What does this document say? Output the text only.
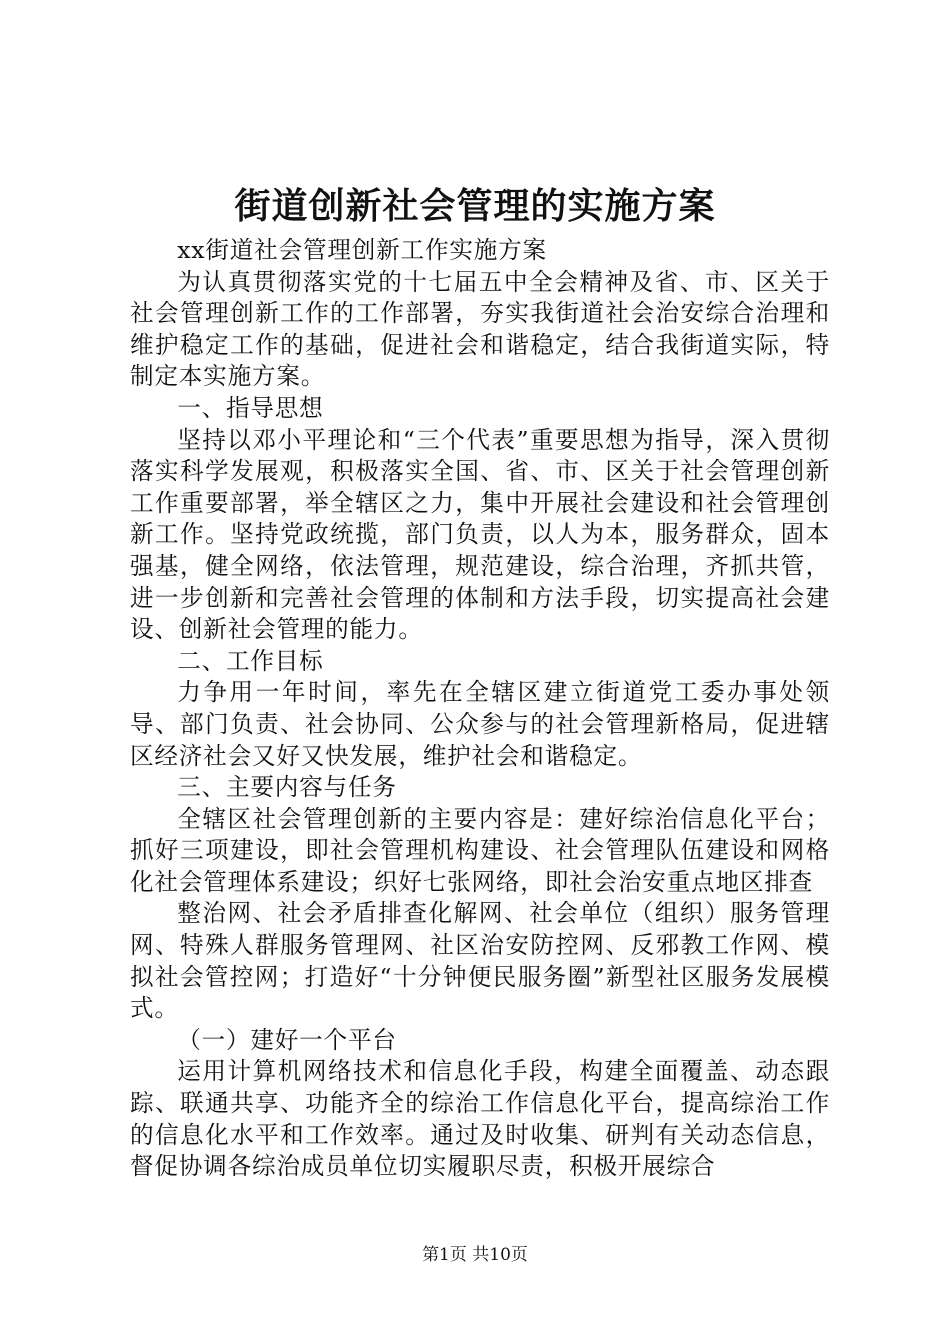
街道创新社会管理的实施方案

xx街道社会管理创新工作实施方案

为认真贯彻落实党的十七届五中全会精神及省、市、区关于社会管理创新工作的工作部署，夯实我街道社会治安综合治理和维护稳定工作的基础，促进社会和谐稳定，结合我街道实际，特制定本实施方案。

一、指导思想

坚持以邓小平理论和“三个代表”重要思想为指导，深入贯彻落实科学发展观，积极落实全国、省、市、区关于社会管理创新工作重要部署，举全辖区之力，集中开展社会建设和社会管理创新工作。坚持党政统揽，部门负责，以人为本，服务群众，固本强基，健全网络，依法管理，规范建设，综合治理，齐抓共管，进一步创新和完善社会管理的体制和方法手段，切实提高社会建设、创新社会管理的能力。

二、工作目标

力争用一年时间，率先在全辖区建立街道党工委办事处领导、部门负责、社会协同、公众参与的社会管理新格局，促进辖区经济社会又好又快发展，维护社会和谐稳定。

三、主要内容与任务

全辖区社会管理创新的主要内容是：建好综治信息化平台；抓好三项建设，即社会管理机构建设、社会管理队伍建设和网格化社会管理体系建设；织好七张网络，即社会治安重点地区排查

整治网、社会矛盾排查化解网、社会单位（组织）服务管理网、特殊人群服务管理网、社区治安防控网、反邪教工作网、模拟社会管控网；打造好“十分钟便民服务圈”新型社区服务发展模式。

（一）建好一个平台

运用计算机网络技术和信息化手段，构建全面覆盖、动态跟踪、联通共享、功能齐全的综治工作信息化平台，提高综治工作的信息化水平和工作效率。通过及时收集、研判有关动态信息，督促协调各综治成员单位切实履职尽责，积极开展综合

第1页 共10页
